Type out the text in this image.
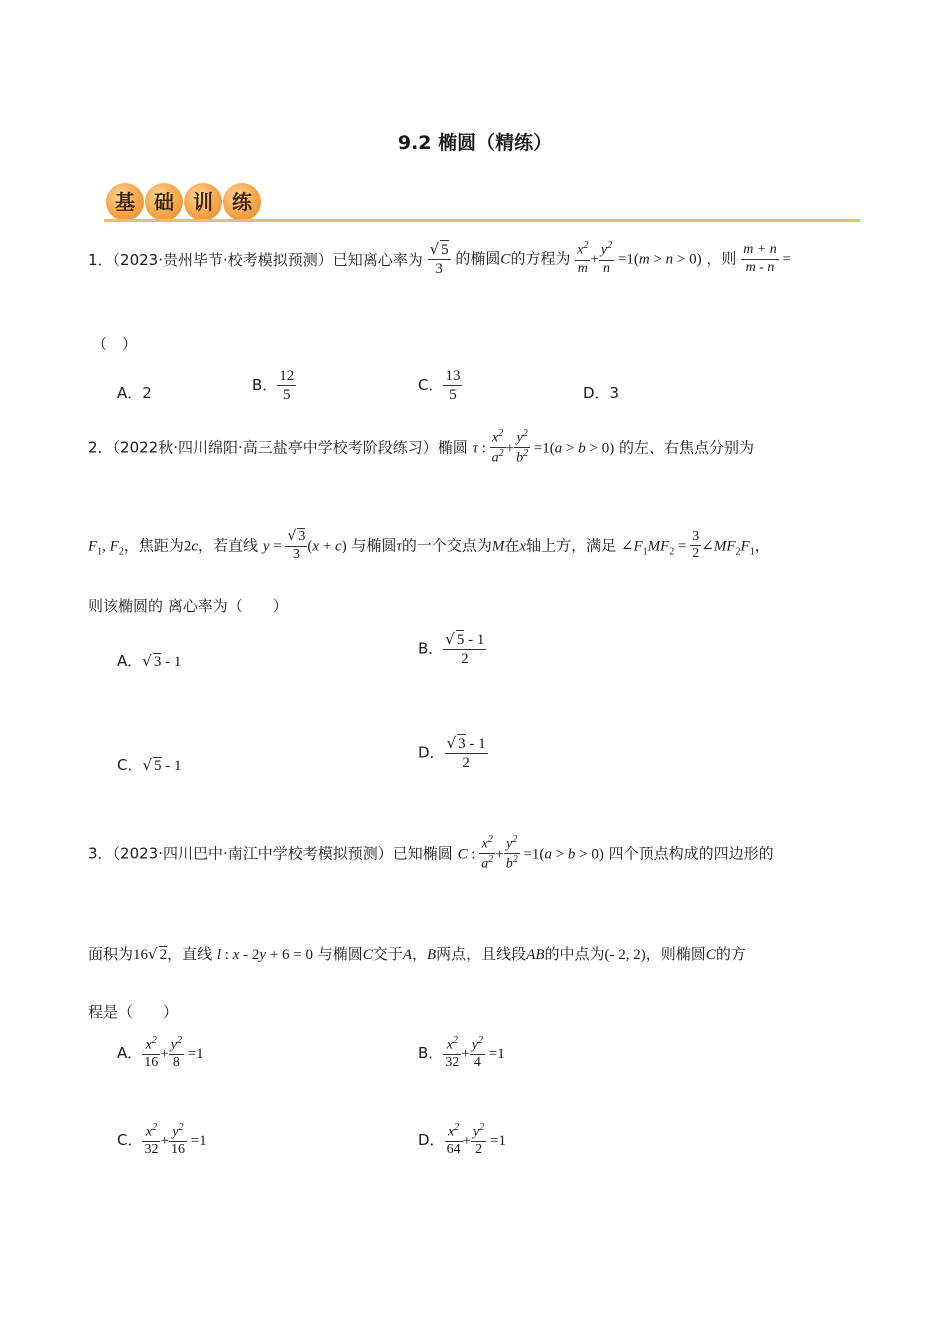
9.2 椭圆（精练）
基 础 训 练
1．（2023·贵州毕节·校考模拟预测）已知离心率为 $\frac{√ 5}{3}$ 的椭圆C的方程为 $\frac{x^2}{m} + \frac{y^2}{n} =1(m > n > 0)$ ，则 $\frac{m + n}{m - n}$ =
（　）
A．2	B． $\frac{12}{5}$	C． $\frac{13}{5}$	D．3
2．（2022秋·四川绵阳·高三盐亭中学校考阶段练习）椭圆 τ : $\frac{x^2}{a^2} + \frac{y^2}{b^2} =1(a > b > 0)$ 的左、右焦点分别为
$F_1$, $F_2$，焦距为2c，若直线 $y = \frac{√ 3}{3} (x + c)$ 与椭圆τ的一个交点为M在x轴上方，满足 $\angle F_1MF_2 = \frac{3}{2}$ $\angle MF_2F_1$，
则该椭圆的 离心率为（　　）
A．√ 3 - 1
B． $\frac{√ 5 - 1}{2}$
C．√ 5 - 1
D． $\frac{√ 3 - 1}{2}$
3．（2023·四川巴中·南江中学校考模拟预测）已知椭圆 C : $\frac{x^2}{a^2} + \frac{y^2}{b^2} =1(a > b > 0)$ 四个顶点构成的四边形的
面积为16√ 2，直线 l : x - 2y + 6 = 0 与椭圆C交于A，B两点，且线段AB的中点为(- 2, 2)，则椭圆C的方
程是（　　）
A． $\frac{x^2}{16} + \frac{y^2}{8} =1$	B． $\frac{x^2}{32} + \frac{y^2}{4} =1$
C． $\frac{x^2}{32} + \frac{y^2}{16} =1$	D． $\frac{x^2}{64} + \frac{y^2}{2} =1$
